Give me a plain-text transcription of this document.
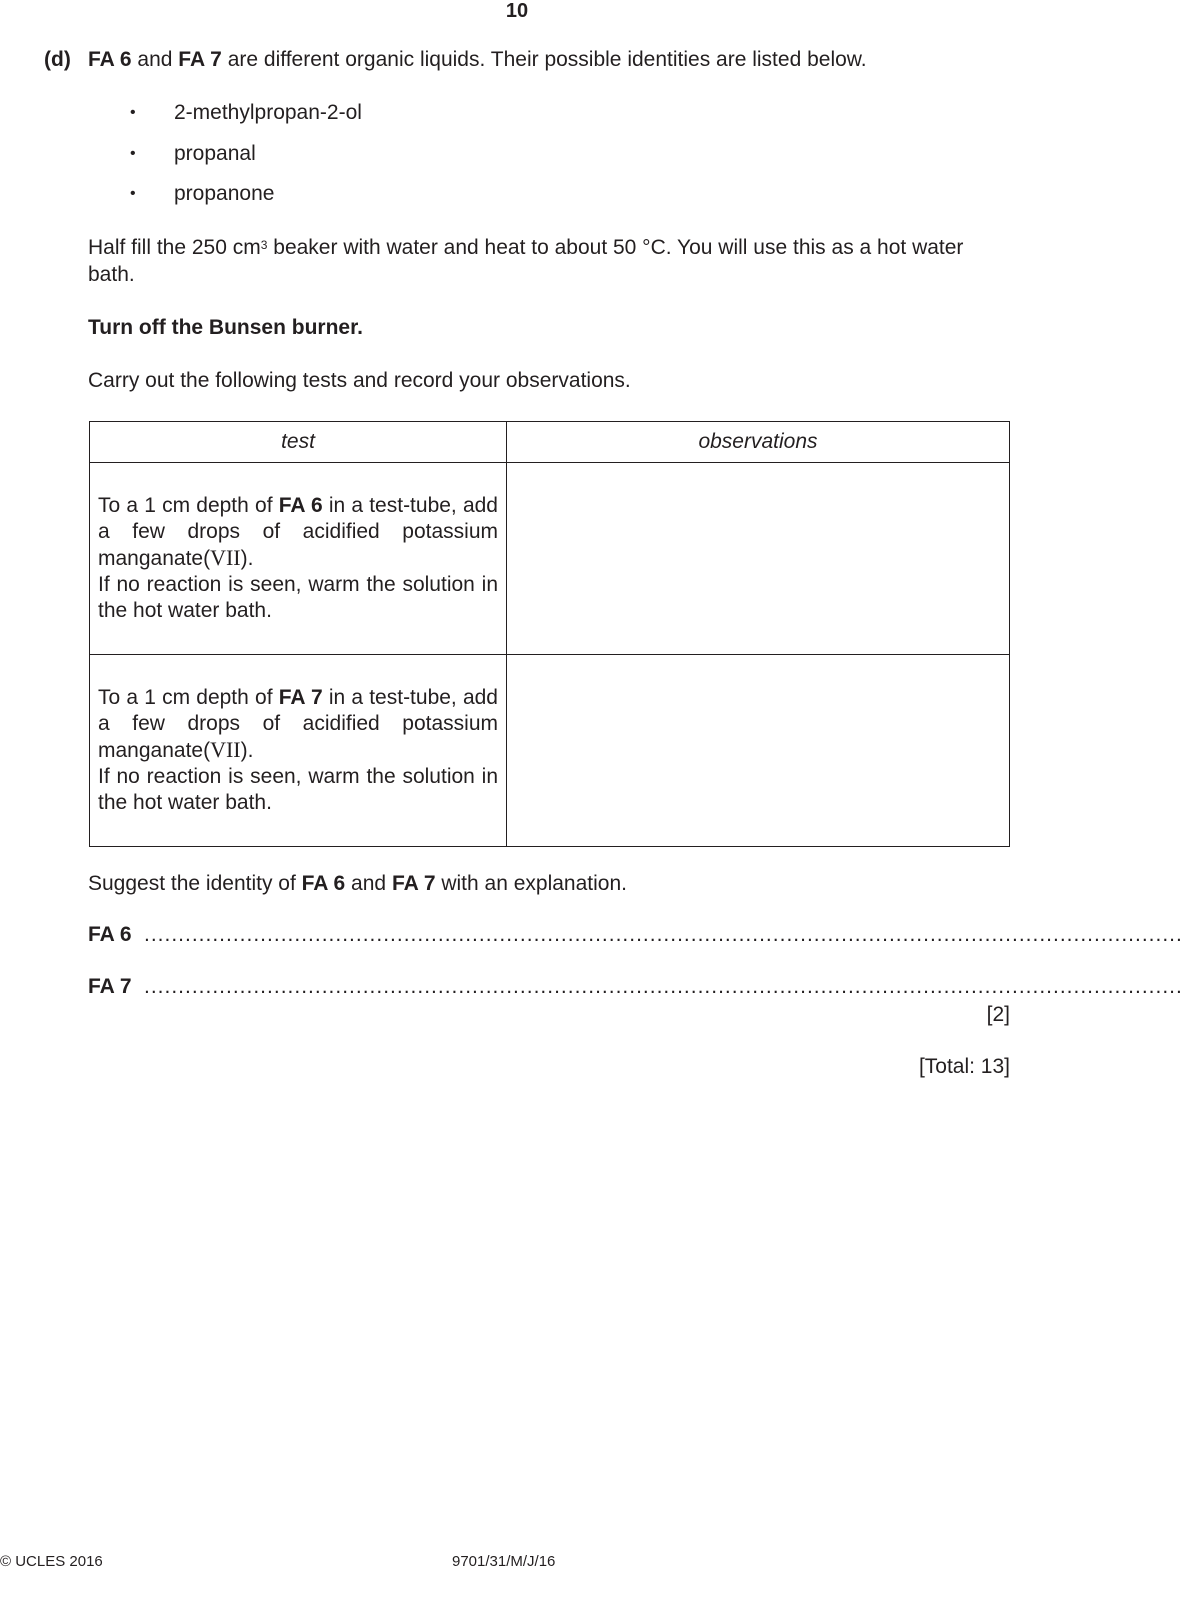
10
(d) FA 6 and FA 7 are different organic liquids. Their possible identities are listed below.
• 2-methylpropan-2-ol
• propanal
• propanone
Half fill the 250 $cm^3$ beaker with water and heat to about 50 °C. You will use this as a hot water bath.
Turn off the Bunsen burner.
Carry out the following tests and record your observations.
test	observations

To a 1 cm depth of FA 6 in a test-tube, add a few drops of acidified potassium manganate(VII).
If no reaction is seen, warm the solution in the hot water bath.	

To a 1 cm depth of FA 7 in a test-tube, add a few drops of acidified potassium manganate(VII).
If no reaction is seen, warm the solution in the hot water bath.	

Suggest the identity of FA 6 and FA 7 with an explanation.
FA 6 ........................................................................................................................................................
FA 7 ........................................................................................................................................................
[2]
[Total: 13]
© UCLES 2016	9701/31/M/J/16
